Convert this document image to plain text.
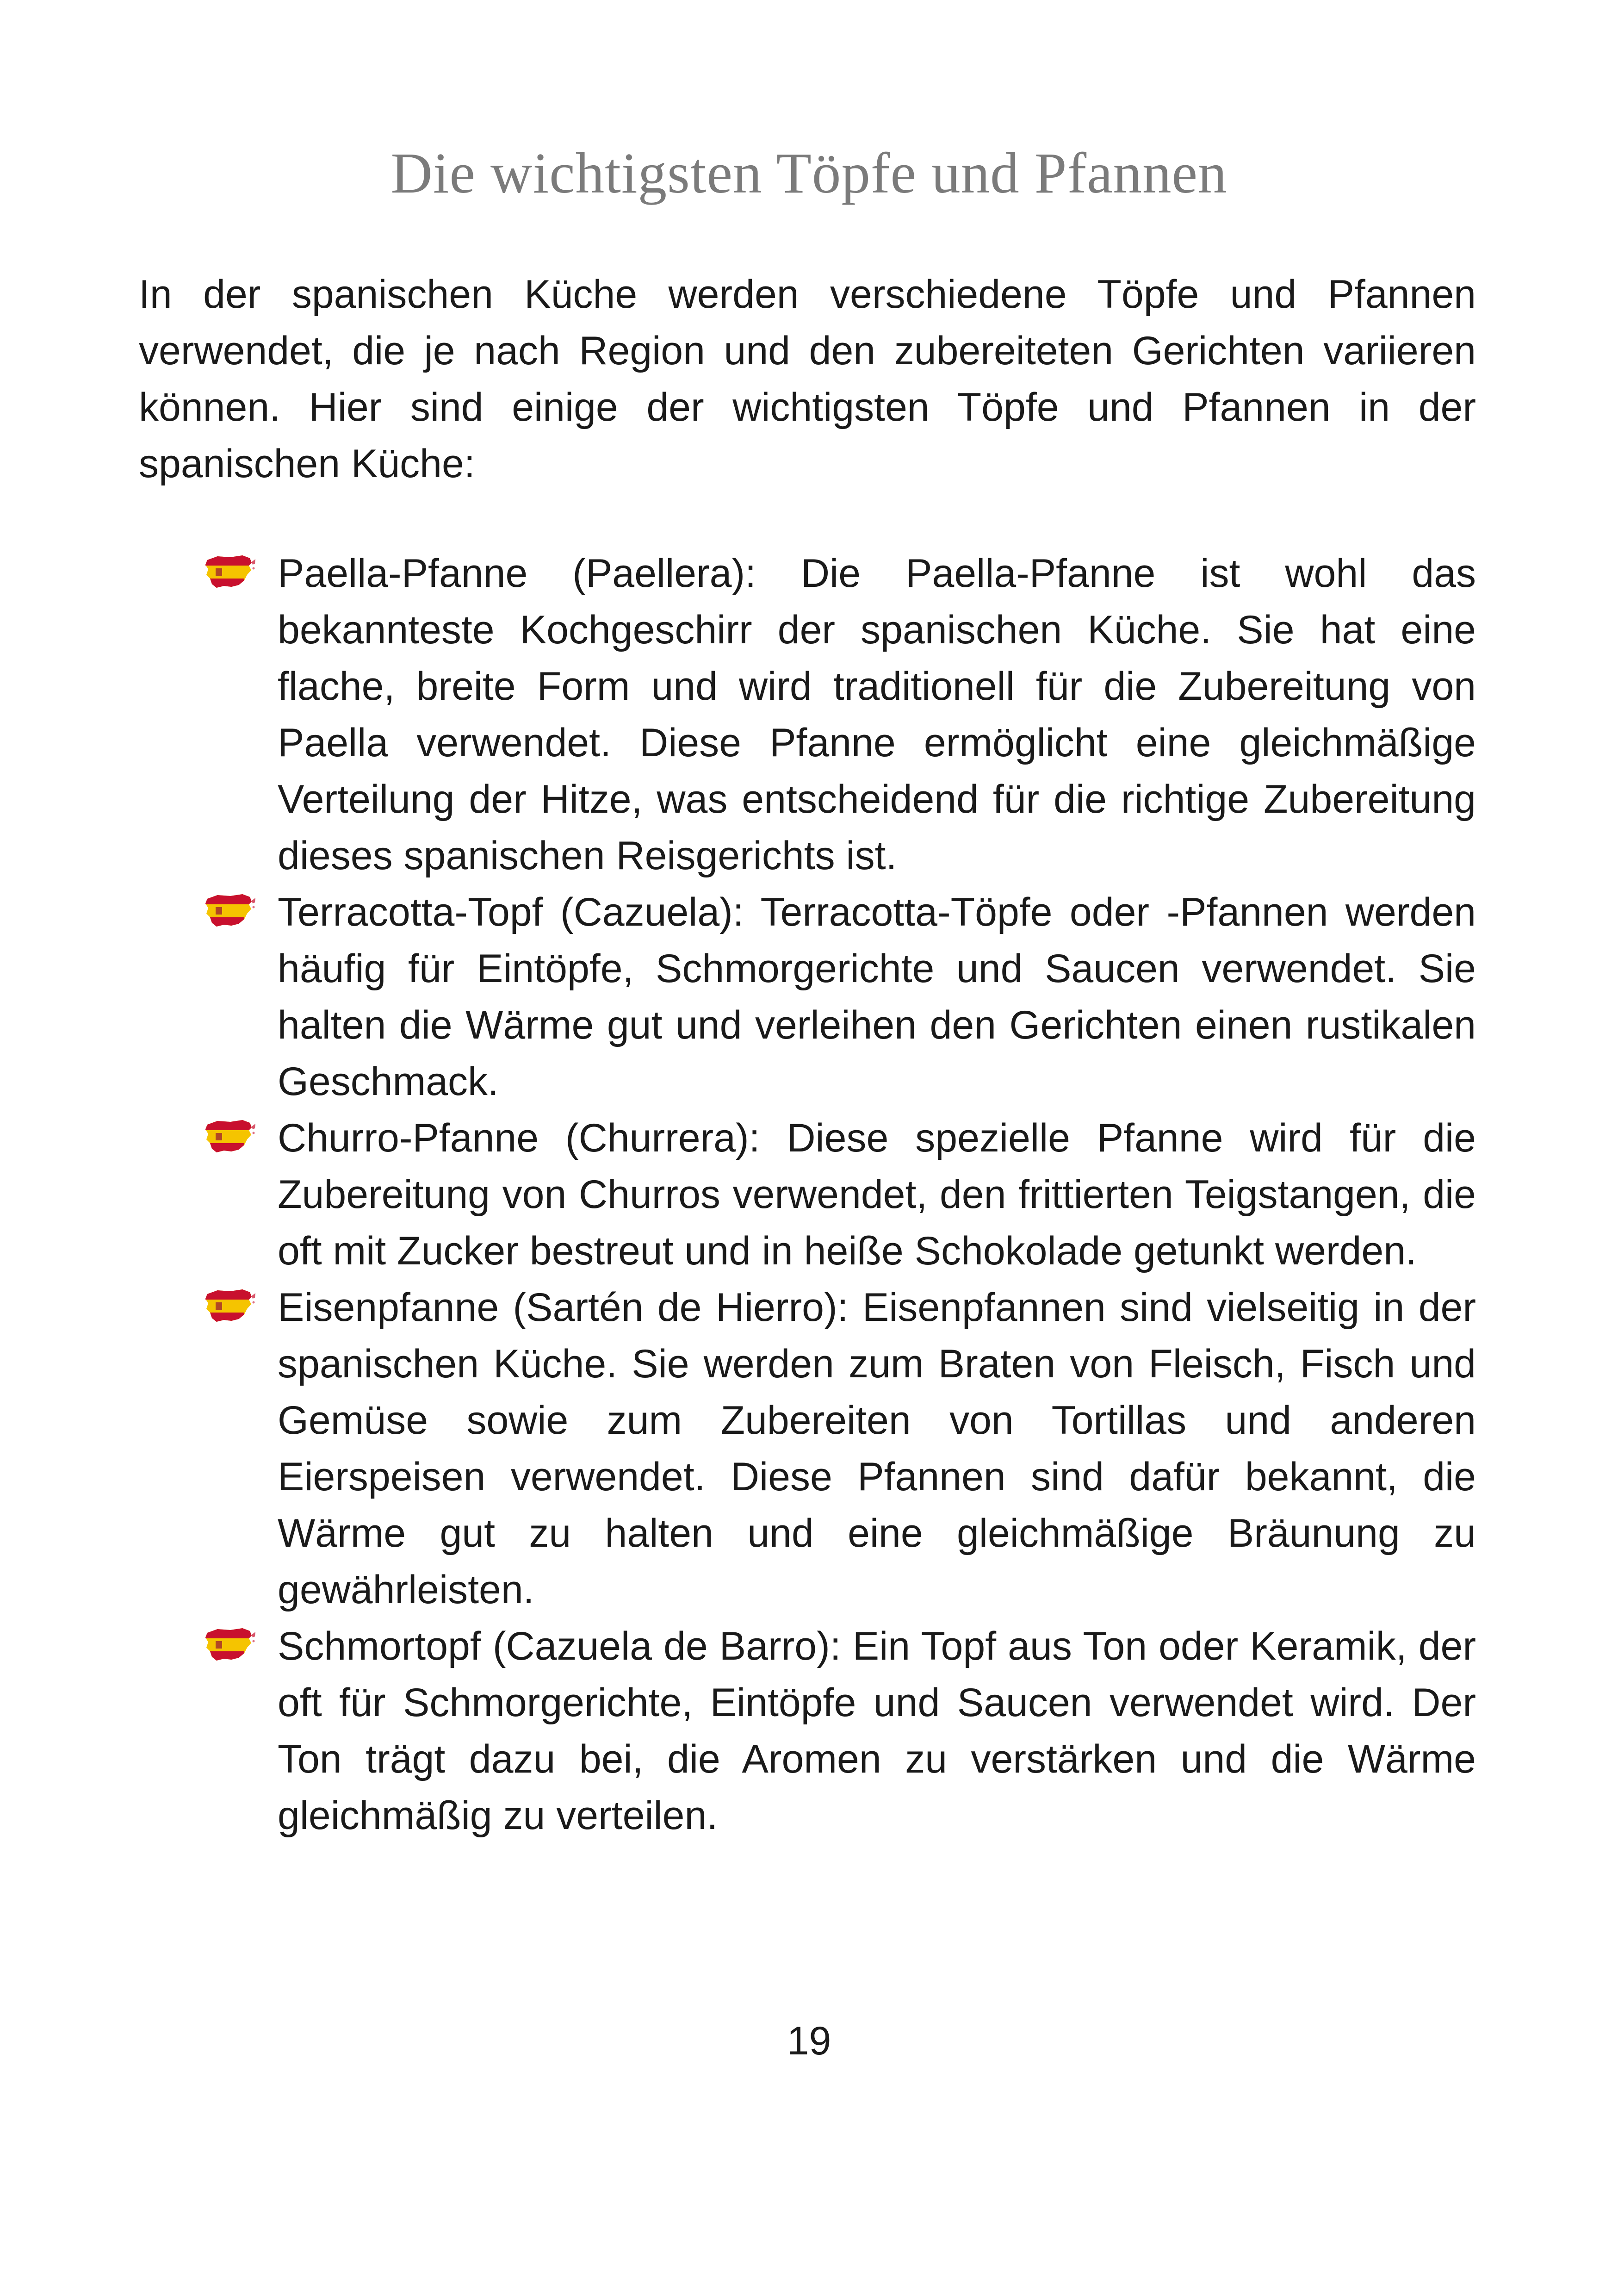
Die wichtigsten Töpfe und Pfannen

In der spanischen Küche werden verschiedene Töpfe und Pfannen verwendet, die je nach Region und den zubereiteten Gerichten variieren können. Hier sind einige der wichtigsten Töpfe und Pfannen in der spanischen Küche:

Paella-Pfanne (Paellera): Die Paella-Pfanne ist wohl das bekannteste Kochgeschirr der spanischen Küche. Sie hat eine flache, breite Form und wird traditionell für die Zubereitung von Paella verwendet. Diese Pfanne ermöglicht eine gleichmäßige Verteilung der Hitze, was entscheidend für die richtige Zubereitung dieses spanischen Reisgerichts ist.
Terracotta-Topf (Cazuela): Terracotta-Töpfe oder -Pfannen werden häufig für Eintöpfe, Schmorgerichte und Saucen verwendet. Sie halten die Wärme gut und verleihen den Gerichten einen rustikalen Geschmack.
Churro-Pfanne (Churrera): Diese spezielle Pfanne wird für die Zubereitung von Churros verwendet, den frittierten Teigstangen, die oft mit Zucker bestreut und in heiße Schokolade getunkt werden.
Eisenpfanne (Sartén de Hierro): Eisenpfannen sind vielseitig in der spanischen Küche. Sie werden zum Braten von Fleisch, Fisch und Gemüse sowie zum Zubereiten von Tortillas und anderen Eierspeisen verwendet. Diese Pfannen sind dafür bekannt, die Wärme gut zu halten und eine gleichmäßige Bräunung zu gewährleisten.
Schmortopf (Cazuela de Barro): Ein Topf aus Ton oder Keramik, der oft für Schmorgerichte, Eintöpfe und Saucen verwendet wird. Der Ton trägt dazu bei, die Aromen zu verstärken und die Wärme gleichmäßig zu verteilen.
19
